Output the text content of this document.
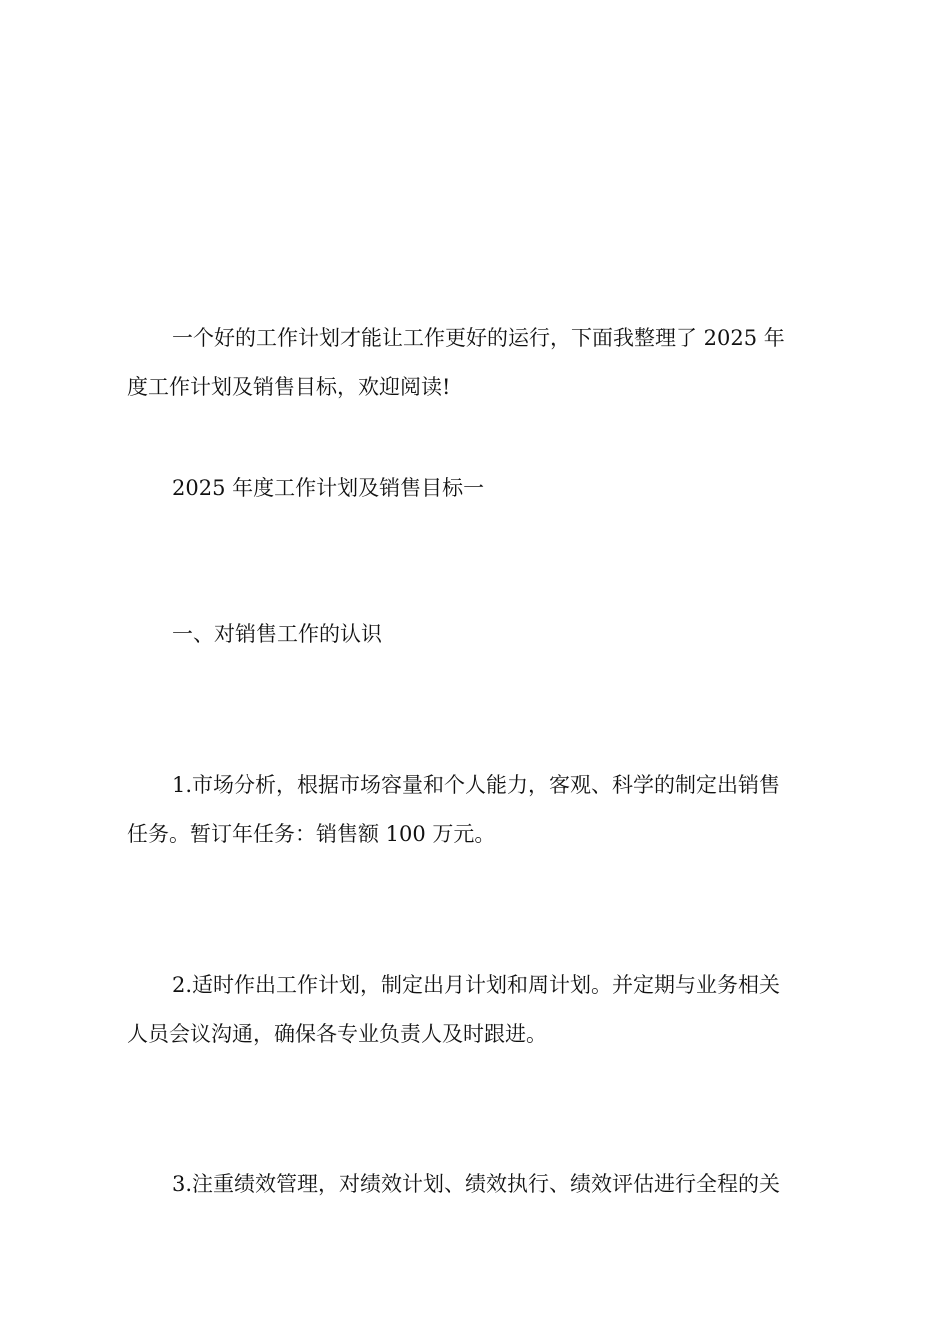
一个好的工作计划才能让工作更好的运行，下面我整理了 2025 年
度工作计划及销售目标，欢迎阅读!
2025 年度工作计划及销售目标一
一、对销售工作的认识
1.市场分析，根据市场容量和个人能力，客观、科学的制定出销售
任务。暂订年任务：销售额 100 万元。
2.适时作出工作计划，制定出月计划和周计划。并定期与业务相关
人员会议沟通，确保各专业负责人及时跟进。
3.注重绩效管理，对绩效计划、绩效执行、绩效评估进行全程的关
